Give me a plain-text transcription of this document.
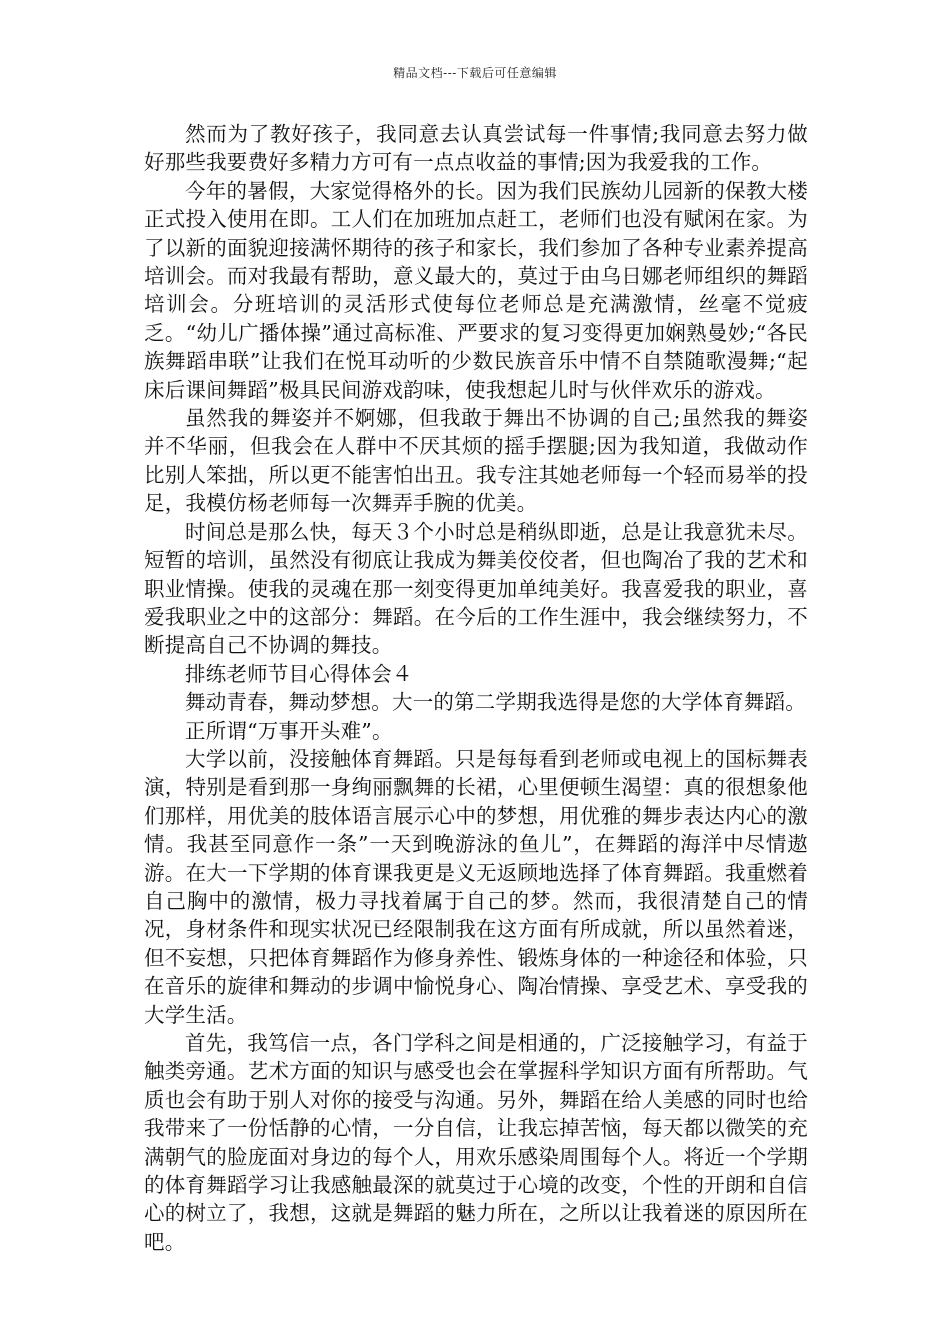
精品文档---下载后可任意编辑

然而为了教好孩子，我同意去认真尝试每一件事情;我同意去努力做好那些我要费好多精力方可有一点点收益的事情;因为我爱我的工作。

今年的暑假，大家觉得格外的长。因为我们民族幼儿园新的保教大楼正式投入使用在即。工人们在加班加点赶工，老师们也没有赋闲在家。为了以新的面貌迎接满怀期待的孩子和家长，我们参加了各种专业素养提高培训会。而对我最有帮助，意义最大的，莫过于由乌日娜老师组织的舞蹈培训会。分班培训的灵活形式使每位老师总是充满激情，丝毫不觉疲乏。“幼儿广播体操”通过高标准、严要求的复习变得更加娴熟曼妙;“各民族舞蹈串联”让我们在悦耳动听的少数民族音乐中情不自禁随歌漫舞;“起床后课间舞蹈”极具民间游戏韵味，使我想起儿时与伙伴欢乐的游戏。

虽然我的舞姿并不婀娜，但我敢于舞出不协调的自己;虽然我的舞姿并不华丽，但我会在人群中不厌其烦的摇手摆腿;因为我知道，我做动作比别人笨拙，所以更不能害怕出丑。我专注其她老师每一个轻而易举的投足，我模仿杨老师每一次舞弄手腕的优美。

时间总是那么快，每天３个小时总是稍纵即逝，总是让我意犹未尽。短暂的培训，虽然没有彻底让我成为舞美佼佼者，但也陶冶了我的艺术和职业情操。使我的灵魂在那一刻变得更加单纯美好。我喜爱我的职业，喜爱我职业之中的这部分：舞蹈。在今后的工作生涯中，我会继续努力，不断提高自己不协调的舞技。

排练老师节目心得体会４

舞动青春，舞动梦想。大一的第二学期我选得是您的大学体育舞蹈。

正所谓“万事开头难”。

大学以前，没接触体育舞蹈。只是每每看到老师或电视上的国标舞表演，特别是看到那一身绚丽飘舞的长裙，心里便顿生渴望：真的很想象他们那样，用优美的肢体语言展示心中的梦想，用优雅的舞步表达内心的激情。我甚至同意作一条”一天到晚游泳的鱼儿”，在舞蹈的海洋中尽情遨游。在大一下学期的体育课我更是义无返顾地选择了体育舞蹈。我重燃着自己胸中的激情，极力寻找着属于自己的梦。然而，我很清楚自己的情况，身材条件和现实状况已经限制我在这方面有所成就，所以虽然着迷，但不妄想，只把体育舞蹈作为修身养性、锻炼身体的一种途径和体验，只在音乐的旋律和舞动的步调中愉悦身心、陶冶情操、享受艺术、享受我的大学生活。

首先，我笃信一点，各门学科之间是相通的，广泛接触学习，有益于触类旁通。艺术方面的知识与感受也会在掌握科学知识方面有所帮助。气质也会有助于别人对你的接受与沟通。另外，舞蹈在给人美感的同时也给我带来了一份恬静的心情，一分自信，让我忘掉苦恼，每天都以微笑的充满朝气的脸庞面对身边的每个人，用欢乐感染周围每个人。将近一个学期的体育舞蹈学习让我感触最深的就莫过于心境的改变，个性的开朗和自信心的树立了，我想，这就是舞蹈的魅力所在，之所以让我着迷的原因所在吧。
